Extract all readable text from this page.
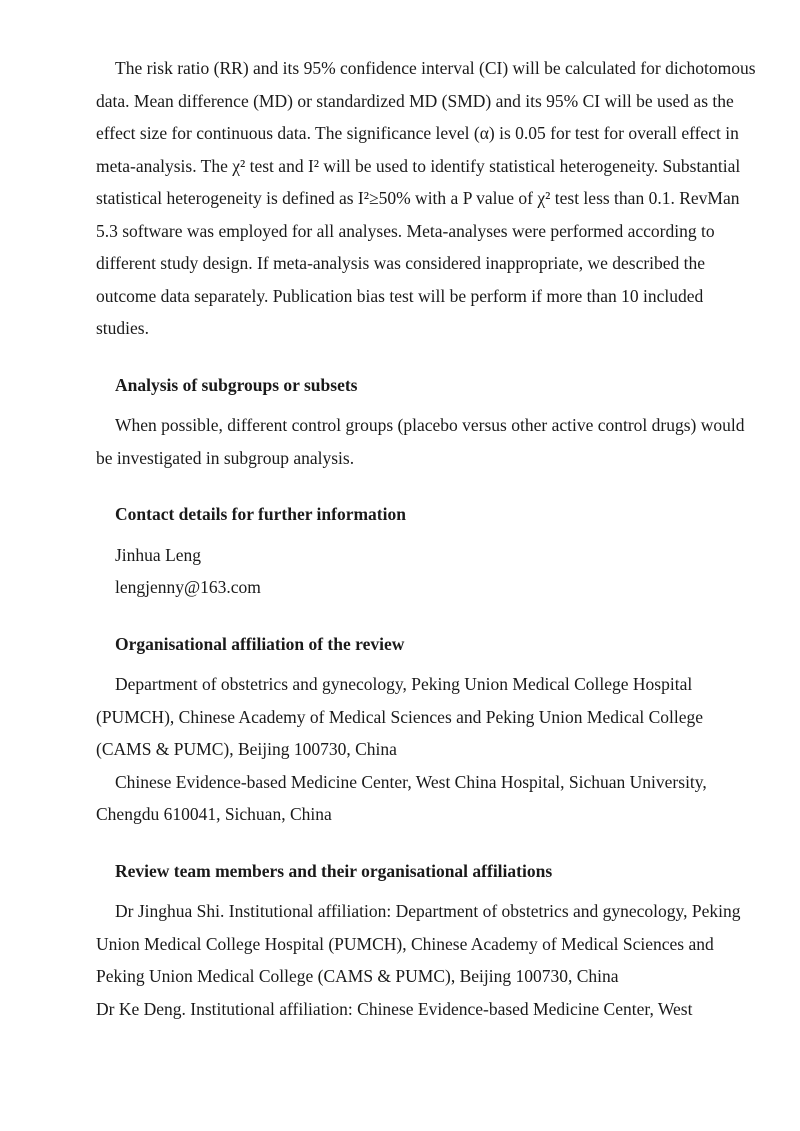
The risk ratio (RR) and its 95% confidence interval (CI) will be calculated for dichotomous data. Mean difference (MD) or standardized MD (SMD) and its 95% CI will be used as the effect size for continuous data. The significance level (α) is 0.05 for test for overall effect in meta-analysis. The χ² test and I² will be used to identify statistical heterogeneity. Substantial statistical heterogeneity is defined as I²≥50% with a P value of χ² test less than 0.1. RevMan 5.3 software was employed for all analyses. Meta-analyses were performed according to different study design. If meta-analysis was considered inappropriate, we described the outcome data separately. Publication bias test will be perform if more than 10 included studies.

Analysis of subgroups or subsets

When possible, different control groups (placebo versus other active control drugs) would be investigated in subgroup analysis.

Contact details for further information

Jinhua Leng

lengjenny@163.com

Organisational affiliation of the review

Department of obstetrics and gynecology, Peking Union Medical College Hospital (PUMCH), Chinese Academy of Medical Sciences and Peking Union Medical College (CAMS & PUMC), Beijing 100730, China

Chinese Evidence-based Medicine Center, West China Hospital, Sichuan University, Chengdu 610041, Sichuan, China

Review team members and their organisational affiliations

Dr Jinghua Shi. Institutional affiliation: Department of obstetrics and gynecology, Peking Union Medical College Hospital (PUMCH), Chinese Academy of Medical Sciences and Peking Union Medical College (CAMS & PUMC), Beijing 100730, China

Dr Ke Deng. Institutional affiliation: Chinese Evidence-based Medicine Center, West
